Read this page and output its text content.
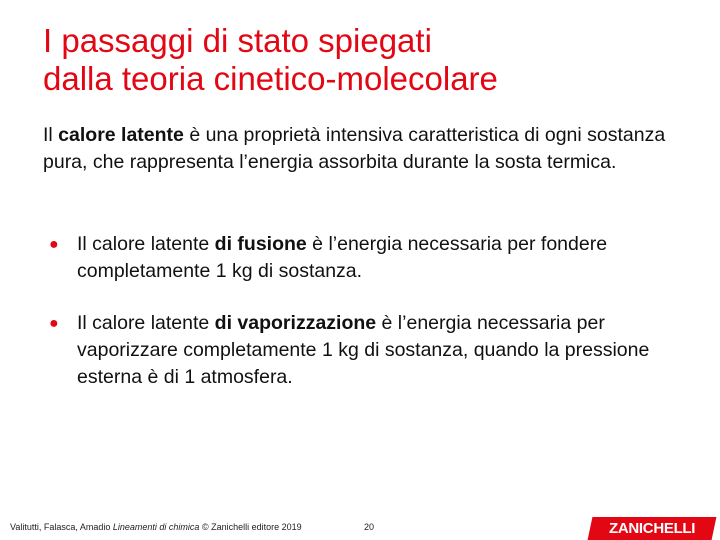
I passaggi di stato spiegati
dalla teoria cinetico-molecolare
Il calore latente è una proprietà intensiva caratteristica di ogni sostanza pura, che rappresenta l’energia assorbita durante la sosta termica.
● Il calore latente di fusione è l’energia necessaria per fondere completamente 1 kg di sostanza.
● Il calore latente di vaporizzazione è l’energia necessaria per vaporizzare completamente 1 kg di sostanza, quando la pressione esterna è di 1 atmosfera.
Valitutti, Falasca, Amadio Lineamenti di chimica © Zanichelli editore 2019	20	ZANICHELLI
